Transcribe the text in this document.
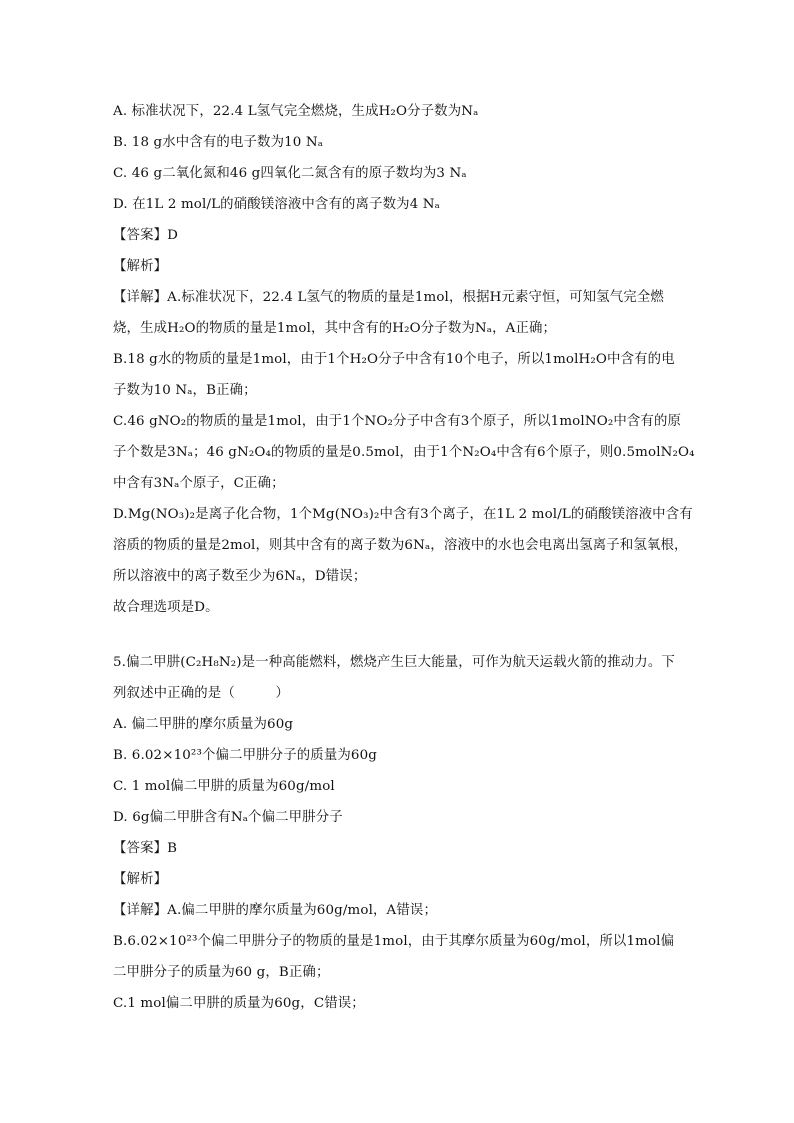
A. 标准状况下，22.4 L氢气完全燃烧，生成H₂O分子数为Nₐ
B. 18 g水中含有的电子数为10 Nₐ
C. 46 g二氧化氮和46 g四氧化二氮含有的原子数均为3 Nₐ
D. 在1L 2 mol/L的硝酸镁溶液中含有的离子数为4 Nₐ
【答案】D
【解析】
【详解】A.标准状况下，22.4 L氢气的物质的量是1mol，根据H元素守恒，可知氢气完全燃
烧，生成H₂O的物质的量是1mol，其中含有的H₂O分子数为Nₐ，A正确；
B.18 g水的物质的量是1mol，由于1个H₂O分子中含有10个电子，所以1molH₂O中含有的电
子数为10 Nₐ，B正确；
C.46 gNO₂的物质的量是1mol，由于1个NO₂分子中含有3个原子，所以1molNO₂中含有的原
子个数是3Nₐ；46 gN₂O₄的物质的量是0.5mol，由于1个N₂O₄中含有6个原子，则0.5molN₂O₄
中含有3Nₐ个原子，C正确；
D.Mg(NO₃)₂是离子化合物，1个Mg(NO₃)₂中含有3个离子，在1L 2 mol/L的硝酸镁溶液中含有
溶质的物质的量是2mol，则其中含有的离子数为6Nₐ，溶液中的水也会电离出氢离子和氢氧根，
所以溶液中的离子数至少为6Nₐ，D错误；
故合理选项是D。
5.偏二甲肼(C₂H₈N₂)是一种高能燃料，燃烧产生巨大能量，可作为航天运载火箭的推动力。下
列叙述中正确的是（　　　）
A. 偏二甲肼的摩尔质量为60g
B. 6.02×10²³个偏二甲肼分子的质量为60g
C. 1 mol偏二甲肼的质量为60g/mol
D. 6g偏二甲肼含有Nₐ个偏二甲肼分子
【答案】B
【解析】
【详解】A.偏二甲肼的摩尔质量为60g/mol，A错误；
B.6.02×10²³个偏二甲肼分子的物质的量是1mol，由于其摩尔质量为60g/mol，所以1mol偏
二甲肼分子的质量为60 g，B正确；
C.1 mol偏二甲肼的质量为60g，C错误；
